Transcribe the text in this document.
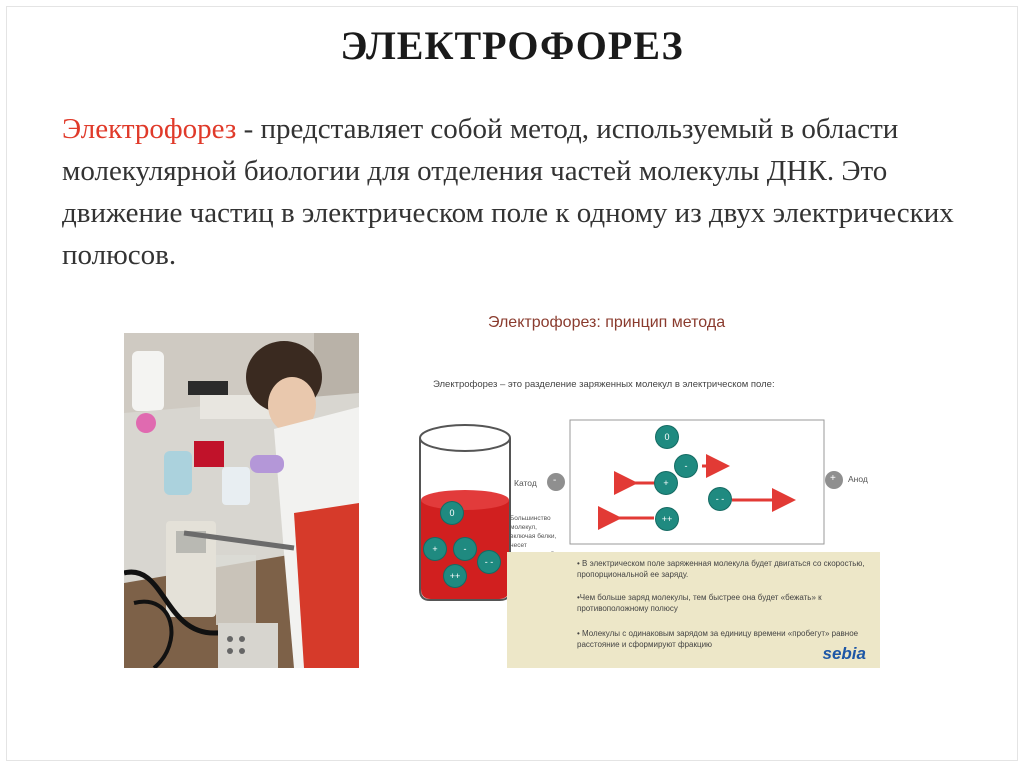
ЭЛЕКТРОФОРЕЗ
Электрофорез - представляет собой метод, используемый в области молекулярной биологии для отделения частей молекулы ДНК. Это движение частиц в электрическом поле к одному из двух электрических полюсов.
Электрофорез: принцип метода
Электрофорез – это разделение заряженных молекул в электрическом поле:
-	+
Катод	Анод
Большинство молекул, включая белки, несет
0
-
+
- -
++
0
+	-
- -
++

• В электрическом поле заряженная молекула будет двигаться со скоростью, пропорциональной ее заряду.

•Чем больше заряд молекулы, тем быстрее она будет «бежать» к противоположному полюсу

• Молекулы с одинаковым зарядом за единицу времени «пробегут» равное расстояние и сформируют фракцию	sebia
